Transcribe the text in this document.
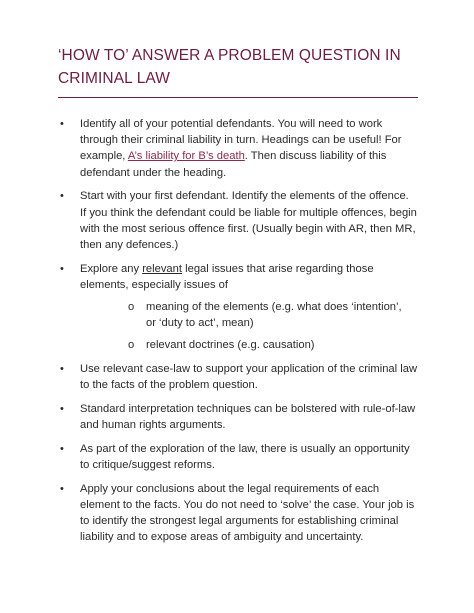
‘HOW TO’ ANSWER A PROBLEM QUESTION IN CRIMINAL LAW
• Identify all of your potential defendants. You will need to work through their criminal liability in turn. Headings can be useful! For example, A’s liability for B’s death. Then discuss liability of this defendant under the heading.
• Start with your first defendant. Identify the elements of the offence. If you think the defendant could be liable for multiple offences, begin with the most serious offence first. (Usually begin with AR, then MR, then any defences.)
• Explore any relevant legal issues that arise regarding those elements, especially issues of
o meaning of the elements (e.g. what does ‘intention’, or ‘duty to act’, mean)
o relevant doctrines (e.g. causation)
• Use relevant case-law to support your application of the criminal law to the facts of the problem question.
• Standard interpretation techniques can be bolstered with rule-of-law and human rights arguments.
• As part of the exploration of the law, there is usually an opportunity to critique/suggest reforms.
• Apply your conclusions about the legal requirements of each element to the facts. You do not need to ‘solve’ the case. Your job is to identify the strongest legal arguments for establishing criminal liability and to expose areas of ambiguity and uncertainty.
